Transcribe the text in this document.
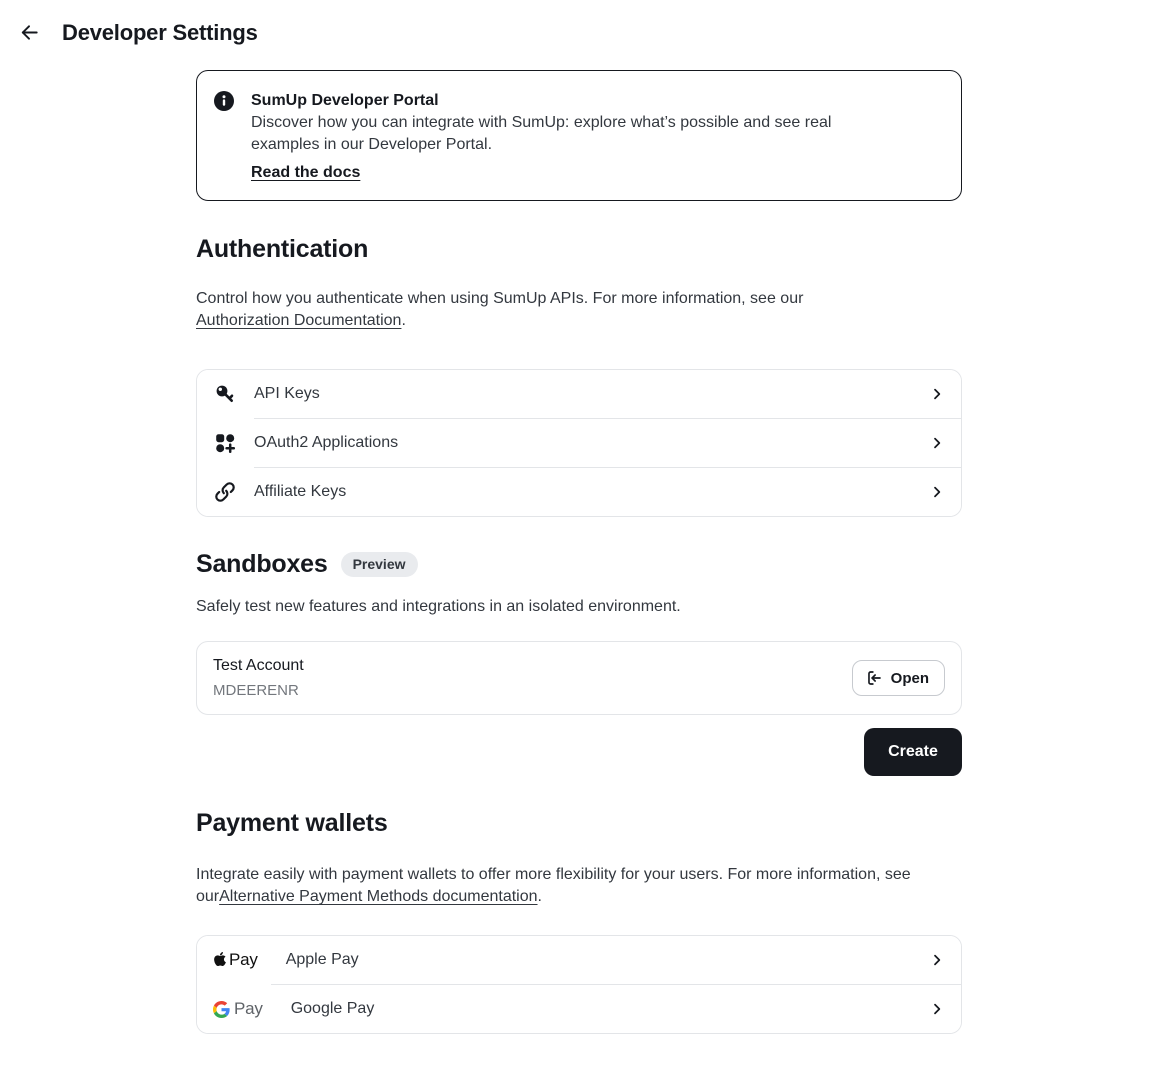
Developer Settings
SumUp Developer Portal
Discover how you can integrate with SumUp: explore what’s possible and see real examples in our Developer Portal.
Read the docs
Authentication

Control how you authenticate when using SumUp APIs. For more information, see our Authorization Documentation.

API Keys
OAuth2 Applications
Affiliate Keys
Sandboxes	Preview

Safely test new features and integrations in an isolated environment.

Test Account
MDEERENR
Open
Create
Payment wallets

Integrate easily with payment wallets to offer more flexibility for your users. For more information, see ourAlternative Payment Methods documentation.

Pay Apple Pay
Pay Google Pay
